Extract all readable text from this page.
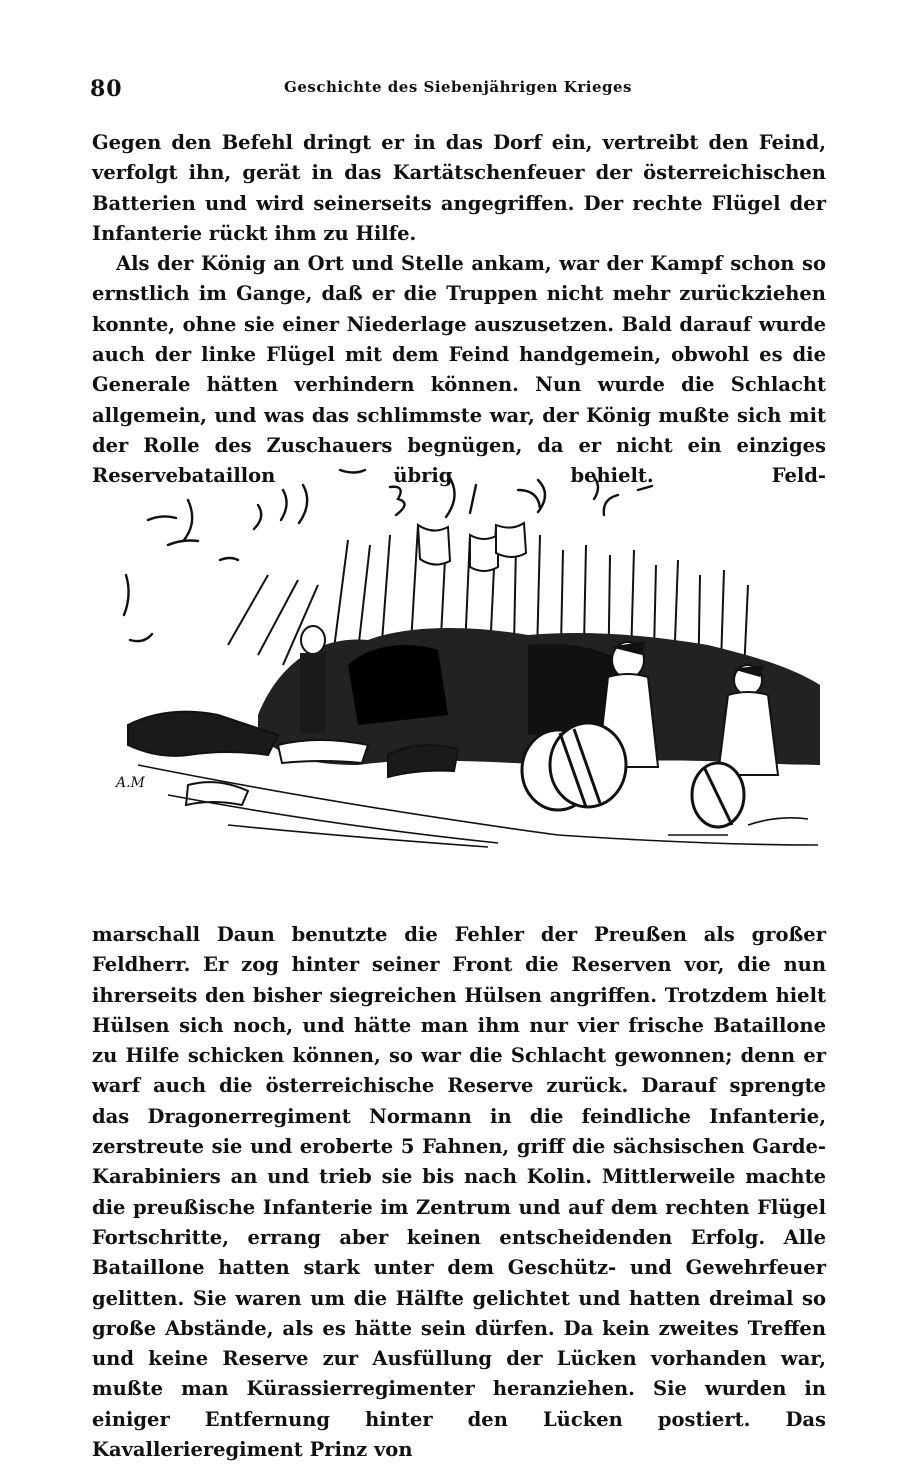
80	Geschichte des Siebenjährigen Krieges

Gegen den Befehl dringt er in das Dorf ein, vertreibt den Feind, verfolgt ihn, gerät in das Kartätschenfeuer der österreichischen Batterien und wird seinerseits angegriffen. Der rechte Flügel der Infanterie rückt ihm zu Hilfe.

Als der König an Ort und Stelle ankam, war der Kampf schon so ernstlich im Gange, daß er die Truppen nicht mehr zurückziehen konnte, ohne sie einer Niederlage auszusetzen. Bald darauf wurde auch der linke Flügel mit dem Feind handgemein, obwohl es die Generale hätten verhindern können. Nun wurde die Schlacht allgemein, und was das schlimmste war, der König mußte sich mit der Rolle des Zuschauers begnügen, da er nicht ein einziges Reservebataillon übrig behielt. Feld-

A.M

marschall Daun benutzte die Fehler der Preußen als großer Feldherr. Er zog hinter seiner Front die Reserven vor, die nun ihrerseits den bisher siegreichen Hülsen angriffen. Trotzdem hielt Hülsen sich noch, und hätte man ihm nur vier frische Bataillone zu Hilfe schicken können, so war die Schlacht gewonnen; denn er warf auch die österreichische Reserve zurück. Darauf sprengte das Dragonerregiment Normann in die feindliche Infanterie, zerstreute sie und eroberte 5 Fahnen, griff die sächsischen Garde-Karabiniers an und trieb sie bis nach Kolin. Mittlerweile machte die preußische Infanterie im Zentrum und auf dem rechten Flügel Fortschritte, errang aber keinen entscheidenden Erfolg. Alle Bataillone hatten stark unter dem Geschütz- und Gewehrfeuer gelitten. Sie waren um die Hälfte gelichtet und hatten dreimal so große Abstände, als es hätte sein dürfen. Da kein zweites Treffen und keine Reserve zur Ausfüllung der Lücken vorhanden war, mußte man Kürassierregimenter heranziehen. Sie wurden in einiger Entfernung hinter den Lücken postiert. Das Kavallerieregiment Prinz von
